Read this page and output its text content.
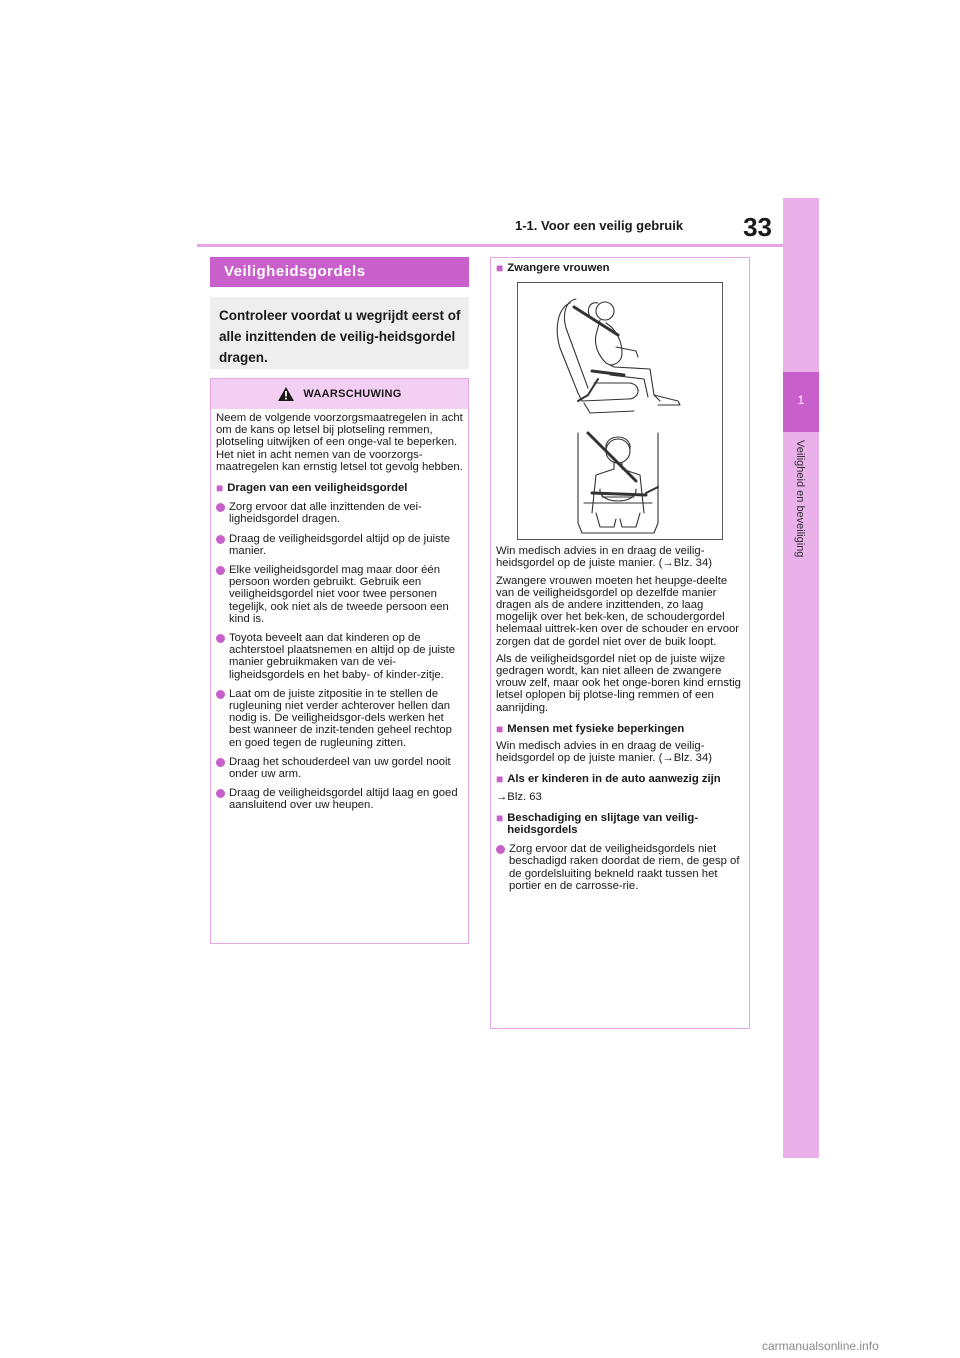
33
1-1. Voor een veilig gebruik
1
Veiligheid en beveiliging
Veiligheidsgordels
Controleer voordat u wegrijdt eerst of alle inzittenden de veilig-heidsgordel dragen.
WAARSCHUWING

Neem de volgende voorzorgsmaatregelen in acht om de kans op letsel bij plotseling remmen, plotseling uitwijken of een onge-val te beperken. Het niet in acht nemen van de voorzorgs-maatregelen kan ernstig letsel tot gevolg hebben.

■ Dragen van een veiligheidsgordel
Zorg ervoor dat alle inzittenden de vei-ligheidsgordel dragen.
Draag de veiligheidsgordel altijd op de juiste manier.
Elke veiligheidsgordel mag maar door één persoon worden gebruikt. Gebruik een veiligheidsgordel niet voor twee personen tegelijk, ook niet als de tweede persoon een kind is.
Toyota beveelt aan dat kinderen op de achterstoel plaatsnemen en altijd op de juiste manier gebruikmaken van de vei-ligheidsgordels en het baby- of kinder-zitje.
Laat om de juiste zitpositie in te stellen de rugleuning niet verder achterover hellen dan nodig is. De veiligheidsgor-dels werken het best wanneer de inzit-tenden geheel rechtop en goed tegen de rugleuning zitten.
Draag het schouderdeel van uw gordel nooit onder uw arm.
Draag de veiligheidsgordel altijd laag en goed aansluitend over uw heupen.
■ Zwangere vrouwen

Win medisch advies in en draag de veilig-heidsgordel op de juiste manier. (→Blz. 34)

Zwangere vrouwen moeten het heupge-deelte van de veiligheidsgordel op dezelfde manier dragen als de andere inzittenden, zo laag mogelijk over het bek-ken, de schoudergordel helemaal uittrek-ken over de schouder en ervoor zorgen dat de gordel niet over de buik loopt.

Als de veiligheidsgordel niet op de juiste wijze gedragen wordt, kan niet alleen de zwangere vrouw zelf, maar ook het onge-boren kind ernstig letsel oplopen bij plotse-ling remmen of een aanrijding.

■ Mensen met fysieke beperkingen

Win medisch advies in en draag de veilig-heidsgordel op de juiste manier. (→Blz. 34)

■ Als er kinderen in de auto aanwezig zijn

→Blz. 63

■ Beschadiging en slijtage van veilig-heidsgordels
Zorg ervoor dat de veiligheidsgordels niet beschadigd raken doordat de riem, de gesp of de gordelsluiting bekneld raakt tussen het portier en de carrosse-rie.
carmanualsonline.info
